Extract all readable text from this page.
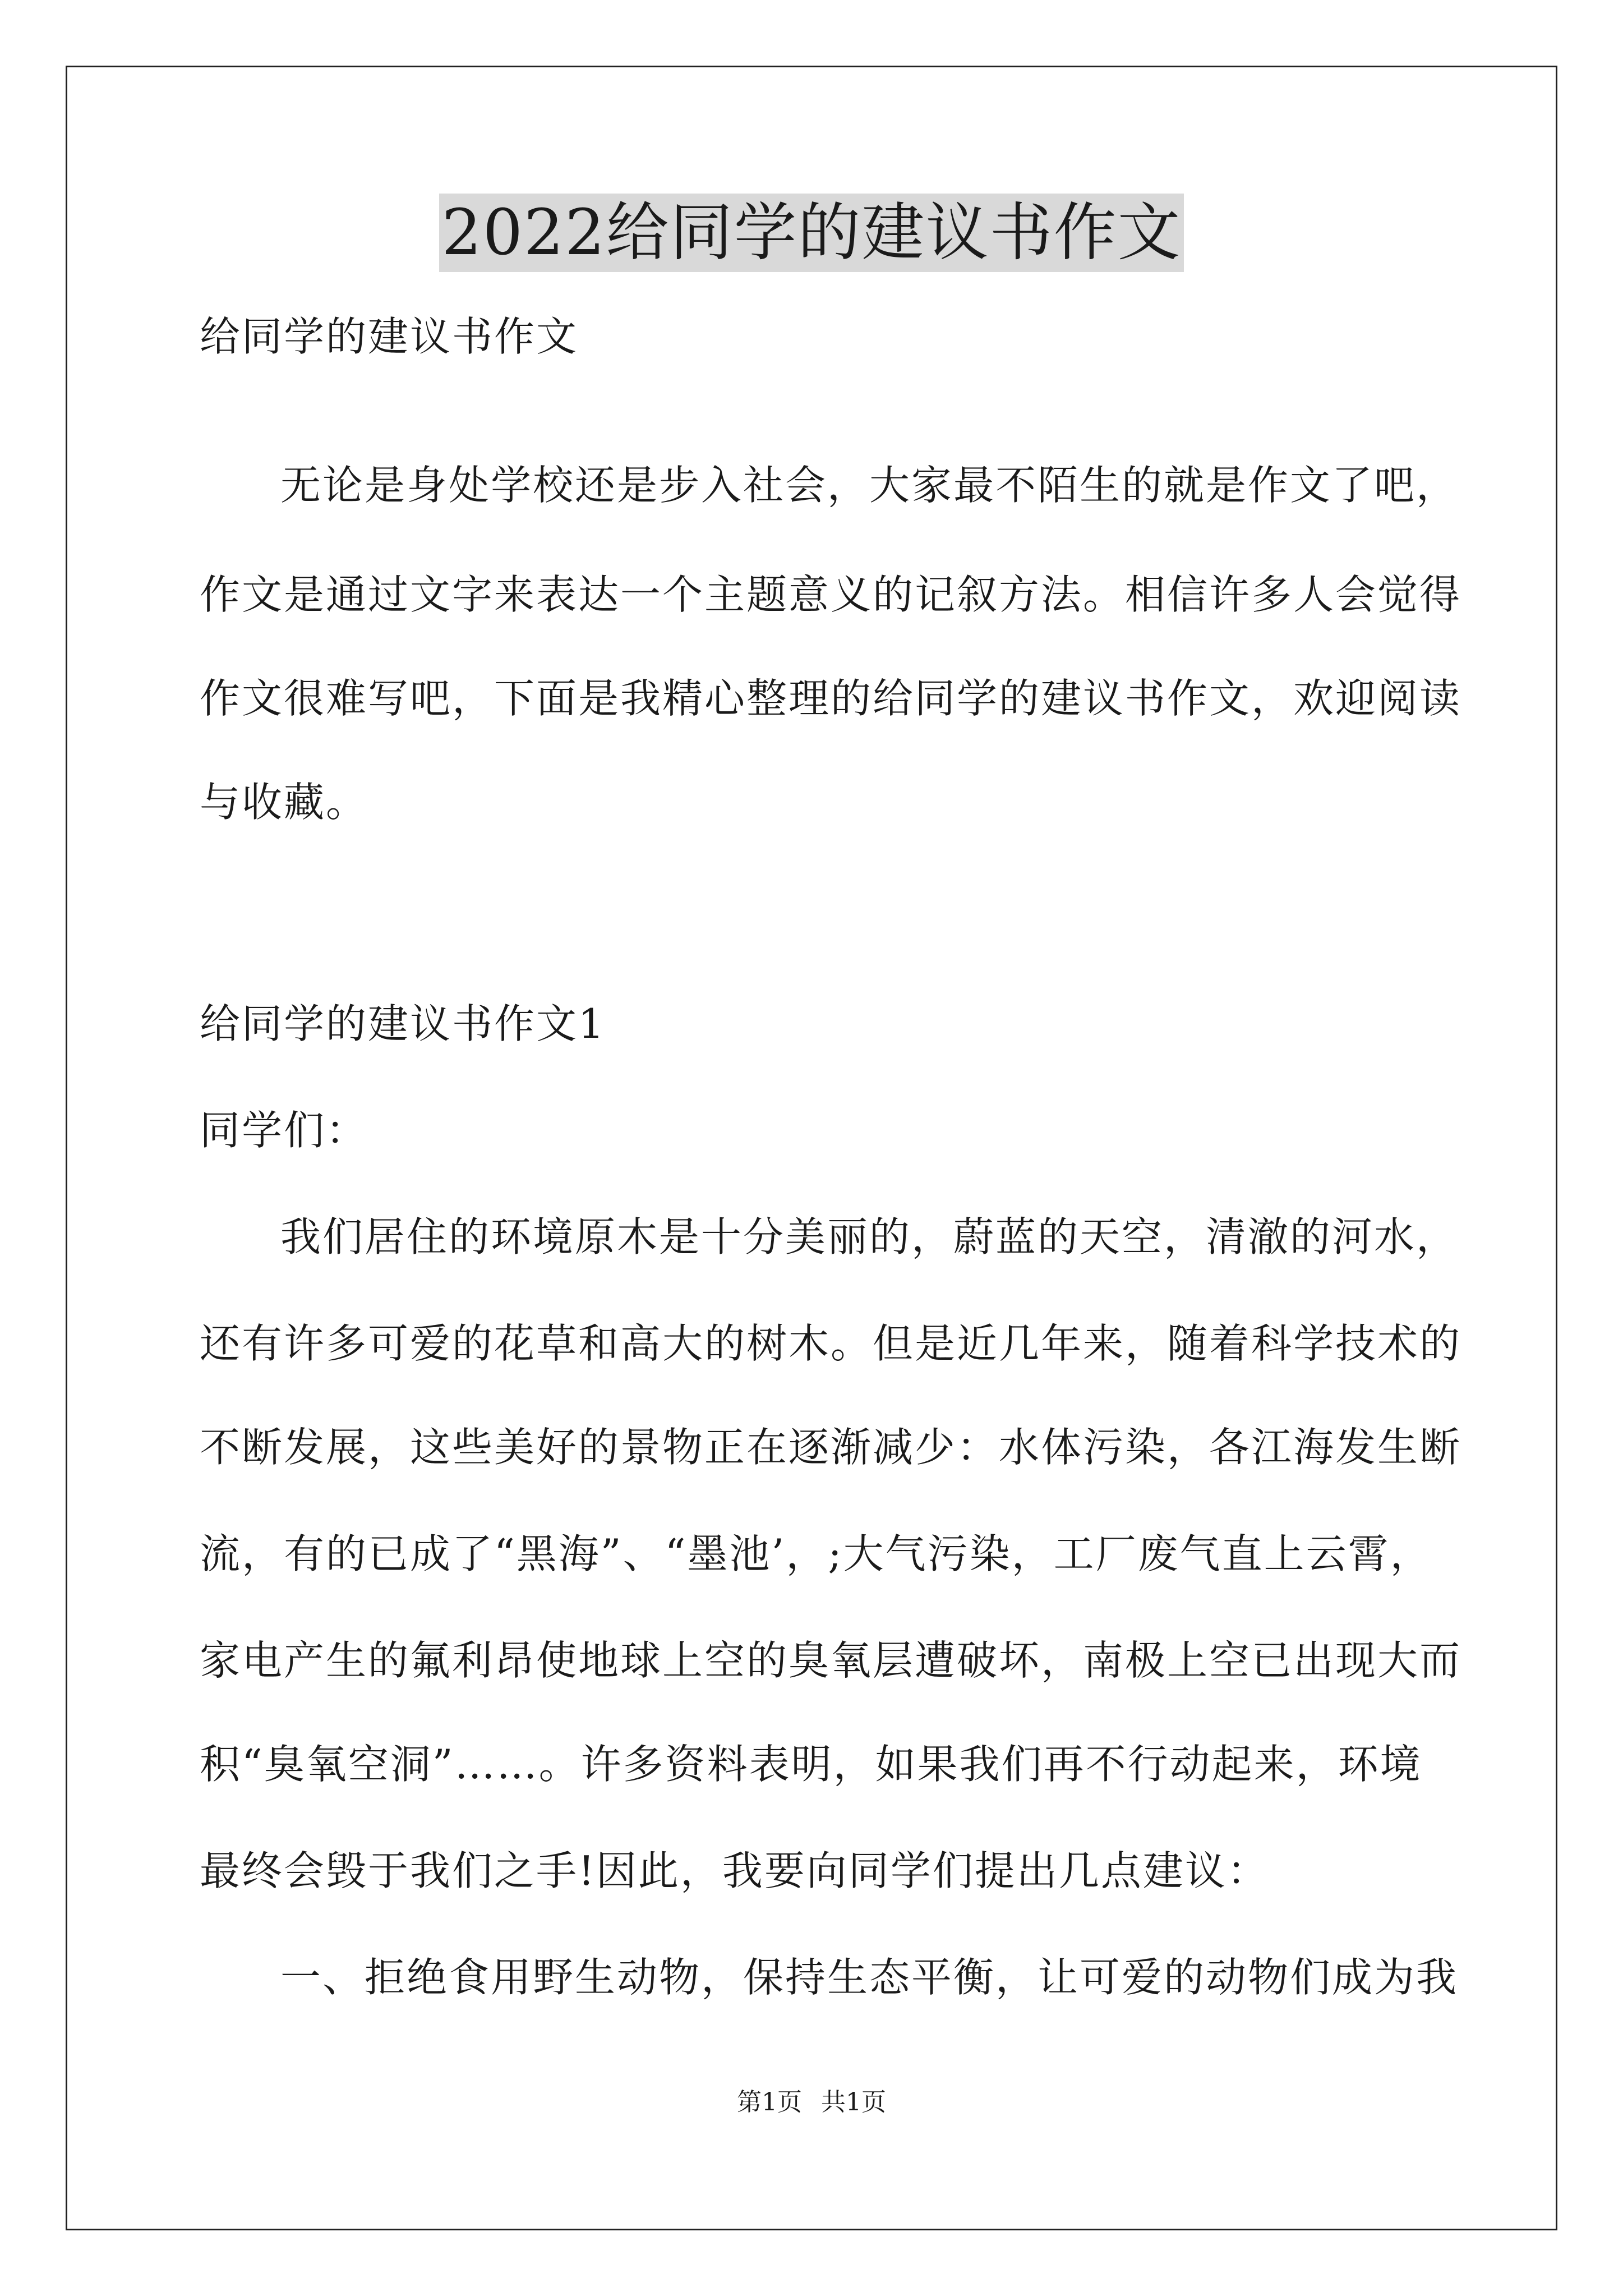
2022给同学的建议书作文
给同学的建议书作文
无论是身处学校还是步入社会，大家最不陌生的就是作文了吧，
作文是通过文字来表达一个主题意义的记叙方法。相信许多人会觉得
作文很难写吧，下面是我精心整理的给同学的建议书作文，欢迎阅读
与收藏。
给同学的建议书作文1
同学们：
我们居住的环境原木是十分美丽的，蔚蓝的天空，清澈的河水，
还有许多可爱的花草和高大的树木。但是近几年来，随着科学技术的
不断发展，这些美好的景物正在逐渐减少：水体污染，各江海发生断
流，有的已成了“黑海”、“墨池’，;大气污染，工厂废气直上云霄，
家电产生的氟利昂使地球上空的臭氧层遭破坏，南极上空已出现大而
积“臭氧空洞”……。许多资料表明，如果我们再不行动起来，环境
最终会毁于我们之手!因此，我要向同学们提出几点建议：
一、拒绝食用野生动物，保持生态平衡，让可爱的动物们成为我
第1页 共1页
